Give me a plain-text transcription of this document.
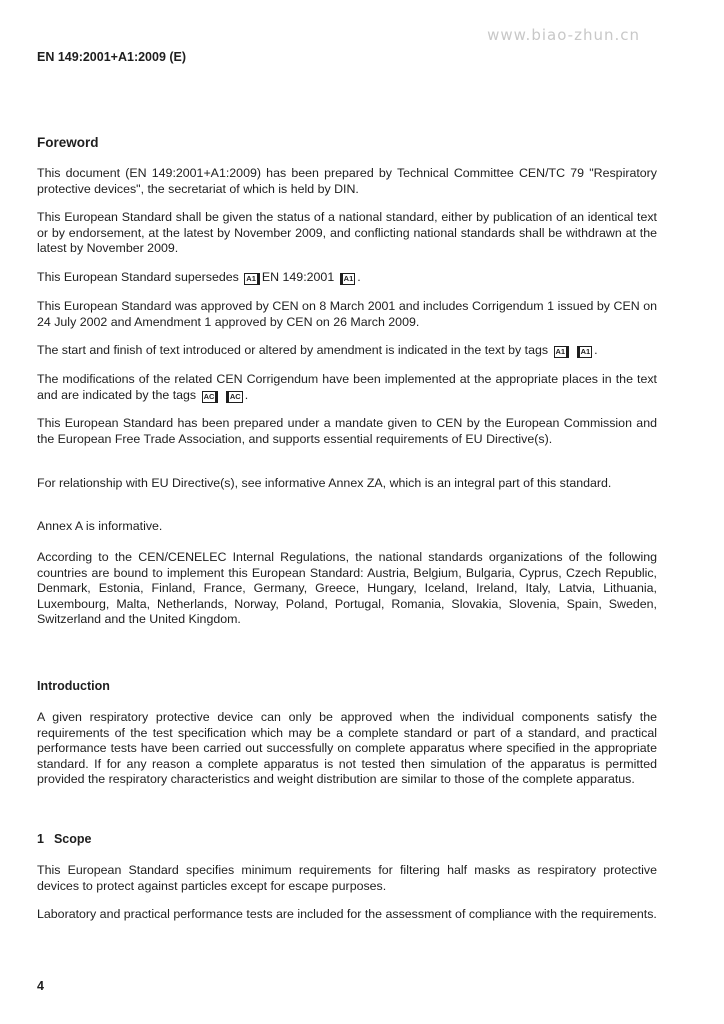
www.biao-zhun.cn
EN 149:2001+A1:2009 (E)
Foreword

This document (EN 149:2001+A1:2009) has been prepared by Technical Committee CEN/TC 79 "Respiratory protective devices", the secretariat of which is held by DIN.

This European Standard shall be given the status of a national standard, either by publication of an identical text or by endorsement, at the latest by November 2009, and conflicting national standards shall be withdrawn at the latest by November 2009.

This European Standard supersedes A1 EN 149:2001 A1 .

This European Standard was approved by CEN on 8 March 2001 and includes Corrigendum 1 issued by CEN on 24 July 2002 and Amendment 1 approved by CEN on 26 March 2009.

The start and finish of text introduced or altered by amendment is indicated in the text by tags A1 A1 .

The modifications of the related CEN Corrigendum have been implemented at the appropriate places in the text and are indicated by the tags AC AC .

This European Standard has been prepared under a mandate given to CEN by the European Commission and the European Free Trade Association, and supports essential requirements of EU Directive(s).

For relationship with EU Directive(s), see informative Annex ZA, which is an integral part of this standard.

Annex A is informative.

According to the CEN/CENELEC Internal Regulations, the national standards organizations of the following countries are bound to implement this European Standard: Austria, Belgium, Bulgaria, Cyprus, Czech Republic, Denmark, Estonia, Finland, France, Germany, Greece, Hungary, Iceland, Ireland, Italy, Latvia, Lithuania, Luxembourg, Malta, Netherlands, Norway, Poland, Portugal, Romania, Slovakia, Slovenia, Spain, Sweden, Switzerland and the United Kingdom.

Introduction

A given respiratory protective device can only be approved when the individual components satisfy the requirements of the test specification which may be a complete standard or part of a standard, and practical performance tests have been carried out successfully on complete apparatus where specified in the appropriate standard. If for any reason a complete apparatus is not tested then simulation of the apparatus is permitted provided the respiratory characteristics and weight distribution are similar to those of the complete apparatus.

1 Scope

This European Standard specifies minimum requirements for filtering half masks as respiratory protective devices to protect against particles except for escape purposes.

Laboratory and practical performance tests are included for the assessment of compliance with the requirements.

4
